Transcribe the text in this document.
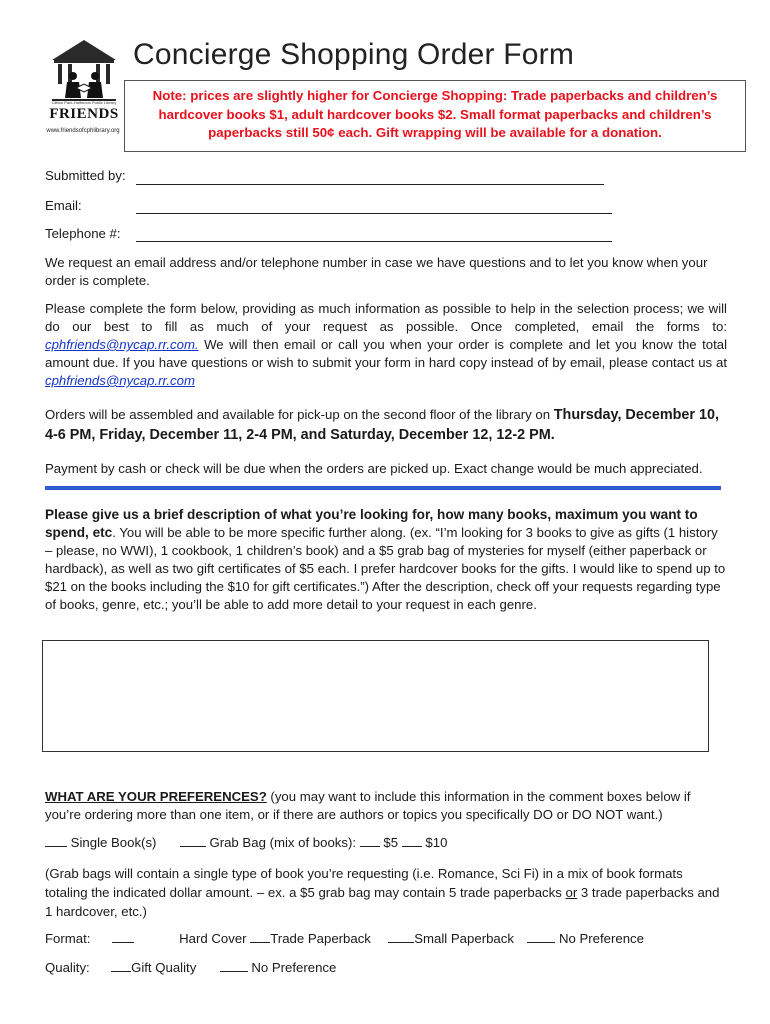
Clifton Park-Halfmoon Public Library
FRIENDS
www.friendsofcphlibrary.org
Concierge Shopping Order Form
Note: prices are slightly higher for Concierge Shopping: Trade paperbacks and children’s hardcover books $1, adult hardcover books $2. Small format paperbacks and children’s paperbacks still 50¢ each. Gift wrapping will be available for a donation.
Submitted by:
Email:
Telephone #:
We request an email address and/or telephone number in case we have questions and to let you know when your order is complete.
Please complete the form below, providing as much information as possible to help in the selection process; we will do our best to fill as much of your request as possible. Once completed, email the forms to: cphfriends@nycap.rr.com. We will then email or call you when your order is complete and let you know the total amount due. If you have questions or wish to submit your form in hard copy instead of by email, please contact us at cphfriends@nycap.rr.com
Orders will be assembled and available for pick-up on the second floor of the library on Thursday, December 10, 4-6 PM, Friday, December 11, 2-4 PM, and Saturday, December 12, 12-2 PM.
Payment by cash or check will be due when the orders are picked up. Exact change would be much appreciated.
Please give us a brief description of what you’re looking for, how many books, maximum you want to spend, etc. You will be able to be more specific further along. (ex. “I’m looking for 3 books to give as gifts (1 history – please, no WWI), 1 cookbook, 1 children’s book) and a $5 grab bag of mysteries for myself (either paperback or hardback), as well as two gift certificates of $5 each. I prefer hardcover books for the gifts. I would like to spend up to $21 on the books including the $10 for gift certificates.”) After the description, check off your requests regarding type of books, genre, etc.; you’ll be able to add more detail to your request in each genre.
WHAT ARE YOUR PREFERENCES? (you may want to include this information in the comment boxes below if you’re ordering more than one item, or if there are authors or topics you specifically DO or DO NOT want.)
Single Book(s)	Grab Bag (mix of books): $5 $10
(Grab bags will contain a single type of book you’re requesting (i.e. Romance, Sci Fi) in a mix of book formats totaling the indicated dollar amount. – ex. a $5 grab bag may contain 5 trade paperbacks or 3 trade paperbacks and 1 hardcover, etc.)
Format:	Hard Cover Trade Paperback	Small Paperback	No Preference
Quality:	Gift Quality	No Preference
